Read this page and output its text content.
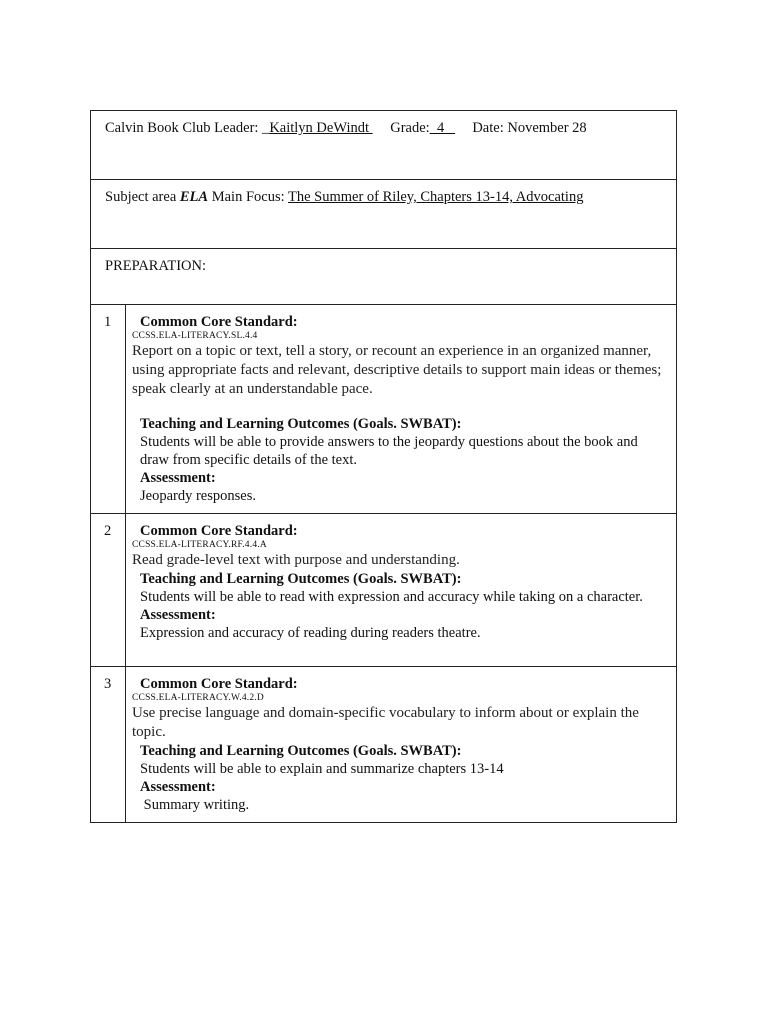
Calvin Book Club Leader: _Kaitlyn DeWindt  Grade:  4     Date: November 28
Subject area ELA Main Focus: The Summer of Riley, Chapters 13-14, Advocating
PREPARATION:
1	Common Core Standard:
CCSS.ELA-LITERACY.SL.4.4
Report on a topic or text, tell a story, or recount an experience in an organized manner, using appropriate facts and relevant, descriptive details to support main ideas or themes; speak clearly at an understandable pace.
Teaching and Learning Outcomes (Goals. SWBAT):
Students will be able to provide answers to the jeopardy questions about the book and draw from specific details of the text.
Assessment:
Jeopardy responses.
2	Common Core Standard:
CCSS.ELA-LITERACY.RF.4.4.A
Read grade-level text with purpose and understanding.
Teaching and Learning Outcomes (Goals. SWBAT):
Students will be able to read with expression and accuracy while taking on a character.
Assessment:
Expression and accuracy of reading during readers theatre.
3	Common Core Standard:
CCSS.ELA-LITERACY.W.4.2.D
Use precise language and domain-specific vocabulary to inform about or explain the topic.
Teaching and Learning Outcomes (Goals. SWBAT):
Students will be able to explain and summarize chapters 13-14
Assessment:
Summary writing.
